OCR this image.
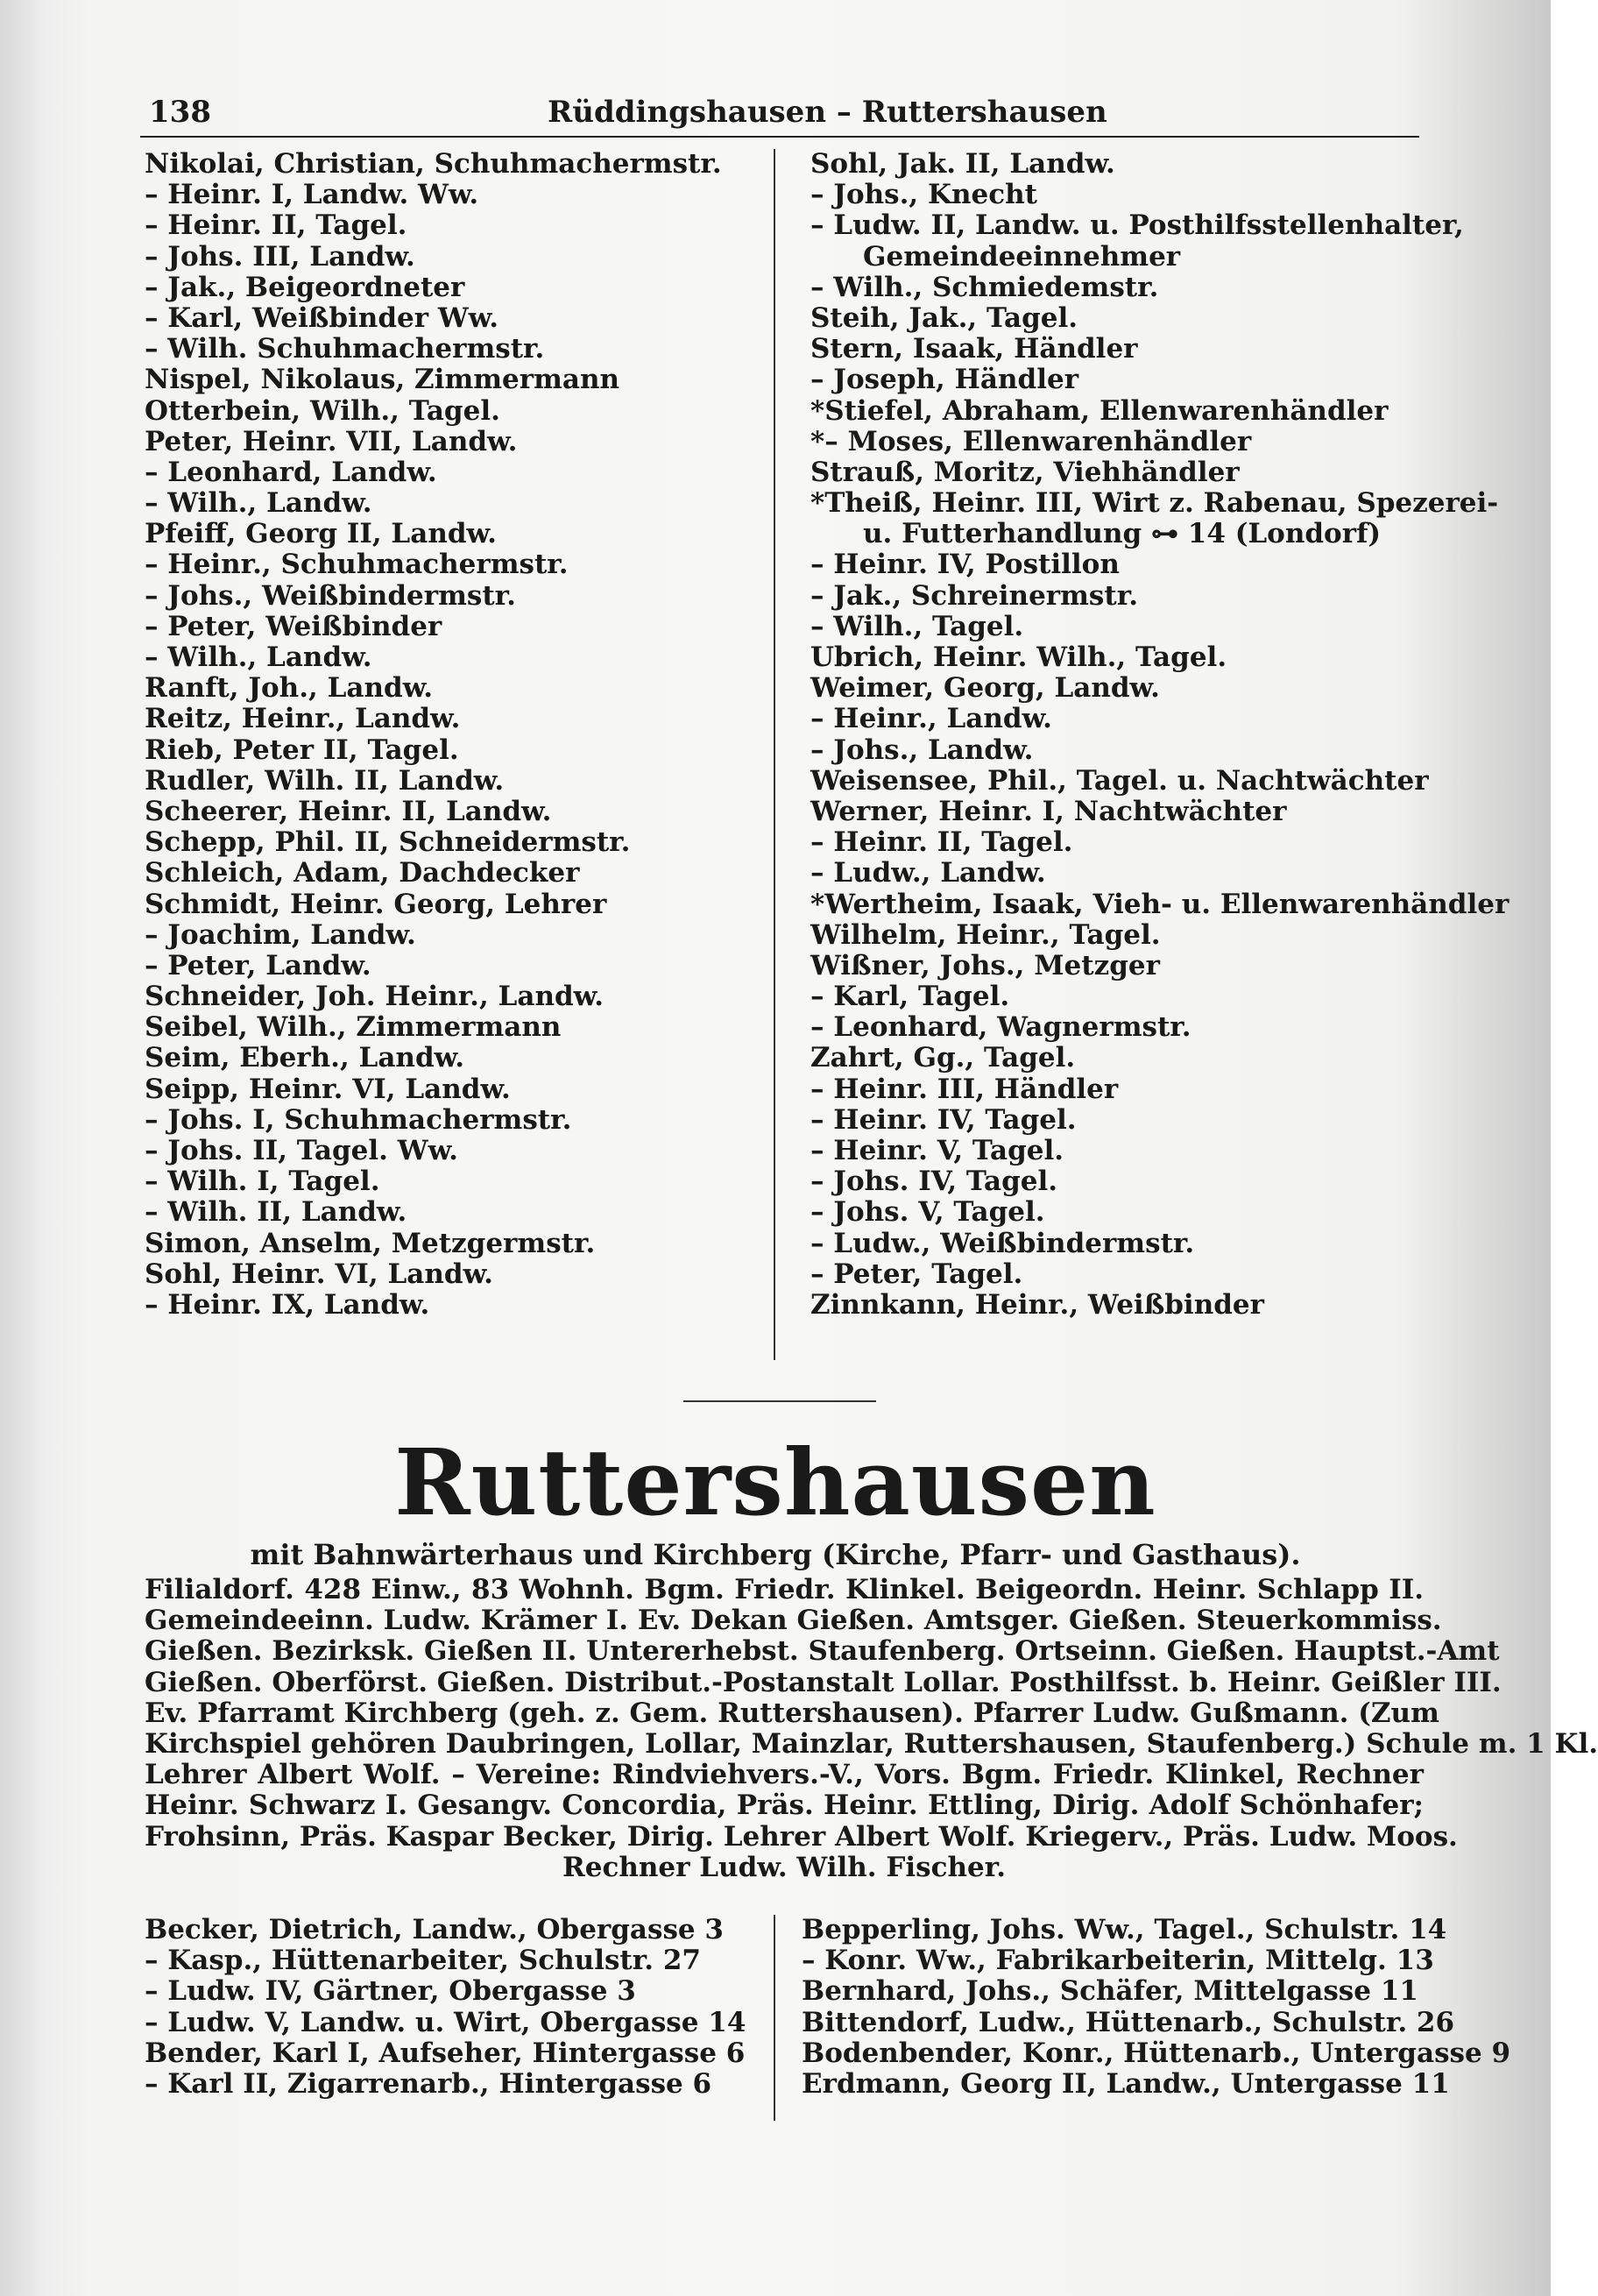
138	Rüddingshausen – Ruttershausen
Nikolai, Christian, Schuhmachermstr.
– Heinr. I, Landw. Ww.
– Heinr. II, Tagel.
– Johs. III, Landw.
– Jak., Beigeordneter
– Karl, Weißbinder Ww.
– Wilh. Schuhmachermstr.
Nispel, Nikolaus, Zimmermann
Otterbein, Wilh., Tagel.
Peter, Heinr. VII, Landw.
– Leonhard, Landw.
– Wilh., Landw.
Pfeiff, Georg II, Landw.
– Heinr., Schuhmachermstr.
– Johs., Weißbindermstr.
– Peter, Weißbinder
– Wilh., Landw.
Ranft, Joh., Landw.
Reitz, Heinr., Landw.
Rieb, Peter II, Tagel.
Rudler, Wilh. II, Landw.
Scheerer, Heinr. II, Landw.
Schepp, Phil. II, Schneidermstr.
Schleich, Adam, Dachdecker
Schmidt, Heinr. Georg, Lehrer
– Joachim, Landw.
– Peter, Landw.
Schneider, Joh. Heinr., Landw.
Seibel, Wilh., Zimmermann
Seim, Eberh., Landw.
Seipp, Heinr. VI, Landw.
– Johs. I, Schuhmachermstr.
– Johs. II, Tagel. Ww.
– Wilh. I, Tagel.
– Wilh. II, Landw.
Simon, Anselm, Metzgermstr.
Sohl, Heinr. VI, Landw.
– Heinr. IX, Landw.
Sohl, Jak. II, Landw.
– Johs., Knecht
– Ludw. II, Landw. u. Posthilfsstellenhalter,
Gemeindeeinnehmer
– Wilh., Schmiedemstr.
Steih, Jak., Tagel.
Stern, Isaak, Händler
– Joseph, Händler
*Stiefel, Abraham, Ellenwarenhändler
*– Moses, Ellenwarenhändler
Strauß, Moritz, Viehhändler
*Theiß, Heinr. III, Wirt z. Rabenau, Spezerei-
u. Futterhandlung ⊶ 14 (Londorf)
– Heinr. IV, Postillon
– Jak., Schreinermstr.
– Wilh., Tagel.
Ubrich, Heinr. Wilh., Tagel.
Weimer, Georg, Landw.
– Heinr., Landw.
– Johs., Landw.
Weisensee, Phil., Tagel. u. Nachtwächter
Werner, Heinr. I, Nachtwächter
– Heinr. II, Tagel.
– Ludw., Landw.
*Wertheim, Isaak, Vieh- u. Ellenwarenhändler
Wilhelm, Heinr., Tagel.
Wißner, Johs., Metzger
– Karl, Tagel.
– Leonhard, Wagnermstr.
Zahrt, Gg., Tagel.
– Heinr. III, Händler
– Heinr. IV, Tagel.
– Heinr. V, Tagel.
– Johs. IV, Tagel.
– Johs. V, Tagel.
– Ludw., Weißbindermstr.
– Peter, Tagel.
Zinnkann, Heinr., Weißbinder
Ruttershausen
mit Bahnwärterhaus und Kirchberg (Kirche, Pfarr- und Gasthaus).
Filialdorf. 428 Einw., 83 Wohnh. Bgm. Friedr. Klinkel. Beigeordn. Heinr. Schlapp II.
Gemeindeeinn. Ludw. Krämer I. Ev. Dekan Gießen. Amtsger. Gießen. Steuerkommiss.
Gießen. Bezirksk. Gießen II. Untererhebst. Staufenberg. Ortseinn. Gießen. Hauptst.-Amt
Gießen. Oberförst. Gießen. Distribut.-Postanstalt Lollar. Posthilfsst. b. Heinr. Geißler III.
Ev. Pfarramt Kirchberg (geh. z. Gem. Ruttershausen). Pfarrer Ludw. Gußmann. (Zum
Kirchspiel gehören Daubringen, Lollar, Mainzlar, Ruttershausen, Staufenberg.) Schule m. 1 Kl.
Lehrer Albert Wolf. – Vereine: Rindviehvers.-V., Vors. Bgm. Friedr. Klinkel, Rechner
Heinr. Schwarz I. Gesangv. Concordia, Präs. Heinr. Ettling, Dirig. Adolf Schönhafer;
Frohsinn, Präs. Kaspar Becker, Dirig. Lehrer Albert Wolf. Kriegerv., Präs. Ludw. Moos.
Rechner Ludw. Wilh. Fischer.
Becker, Dietrich, Landw., Obergasse 3
– Kasp., Hüttenarbeiter, Schulstr. 27
– Ludw. IV, Gärtner, Obergasse 3
– Ludw. V, Landw. u. Wirt, Obergasse 14
Bender, Karl I, Aufseher, Hintergasse 6
– Karl II, Zigarrenarb., Hintergasse 6
Bepperling, Johs. Ww., Tagel., Schulstr. 14
– Konr. Ww., Fabrikarbeiterin, Mittelg. 13
Bernhard, Johs., Schäfer, Mittelgasse 11
Bittendorf, Ludw., Hüttenarb., Schulstr. 26
Bodenbender, Konr., Hüttenarb., Untergasse 9
Erdmann, Georg II, Landw., Untergasse 11
